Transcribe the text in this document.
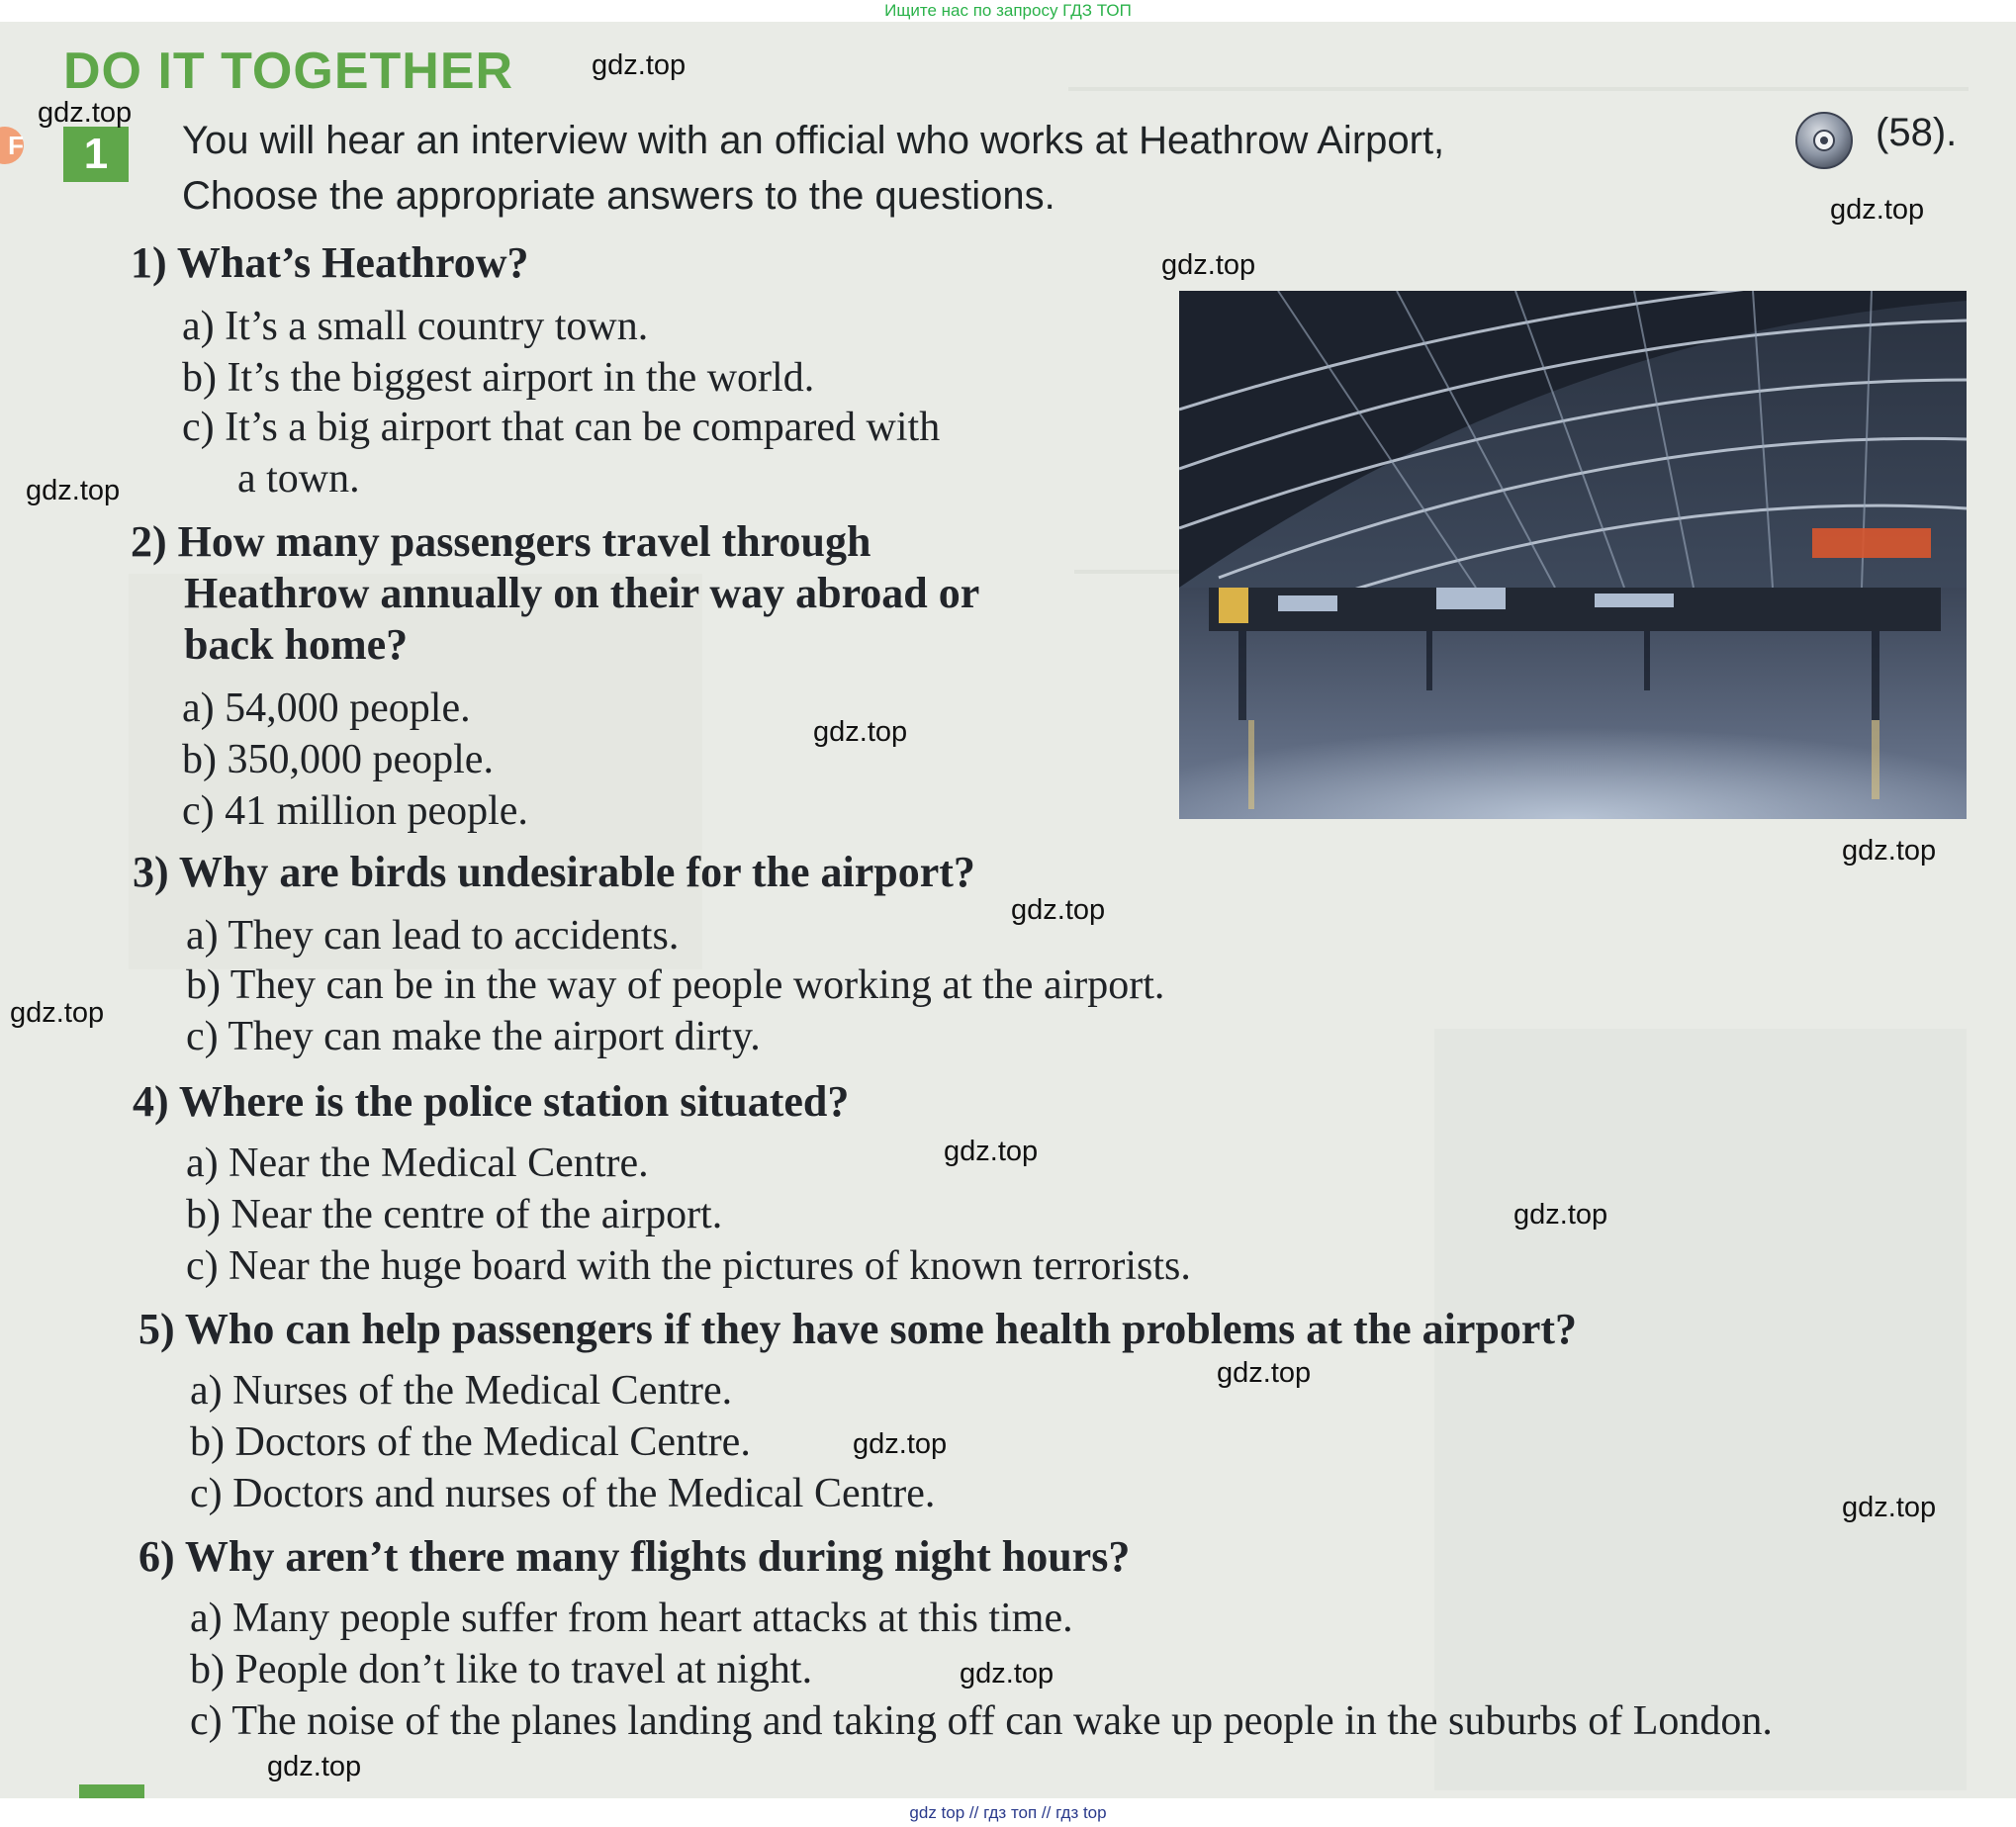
Ищите нас по запросу ГДЗ ТОП
DO IT TOGETHER
F	1	You will hear an interview with an official who works at Heathrow Airport,	(58).
Choose the appropriate answers to the questions.
1) What’s Heathrow?
a) It’s a small country town.
b) It’s the biggest airport in the world.
c) It’s a big airport that can be compared with
a town.
2) How many passengers travel through
Heathrow annually on their way abroad or
back home?
a) 54,000 people.
b) 350,000 people.
c) 41 million people.
3) Why are birds undesirable for the airport?
a) They can lead to accidents.
b) They can be in the way of people working at the airport.
c) They can make the airport dirty.
4) Where is the police station situated?
a) Near the Medical Centre.
b) Near the centre of the airport.
c) Near the huge board with the pictures of known terrorists.
5) Who can help passengers if they have some health problems at the airport?
a) Nurses of the Medical Centre.
b) Doctors of the Medical Centre.
c) Doctors and nurses of the Medical Centre.
6) Why aren’t there many flights during night hours?
a) Many people suffer from heart attacks at this time.
b) People don’t like to travel at night.
c) The noise of the planes landing and taking off can wake up people in the suburbs of London.
gdz.top
gdz.top
gdz.top
gdz.top
gdz.top
gdz.top
gdz.top
gdz.top
gdz.top
gdz.top
gdz.top
gdz.top
gdz.top
gdz.top
gdz.top
gdz.top
gdz top // гдз топ // гдз top
